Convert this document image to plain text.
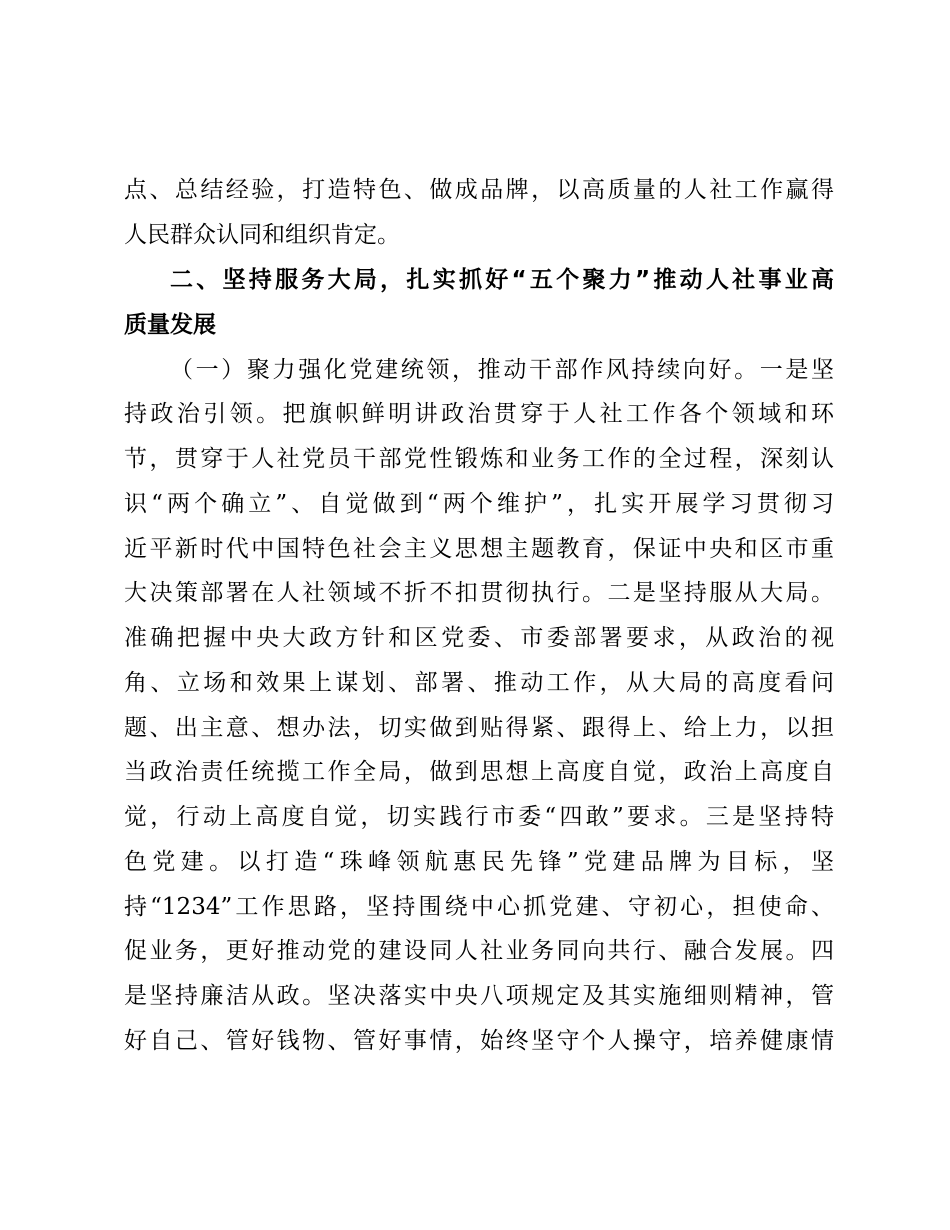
点、总结经验，打造特色、做成品牌，以高质量的人社工作赢得
人民群众认同和组织肯定。
二、坚持服务大局，扎实抓好“五个聚力”推动人社事业高
质量发展
（一）聚力强化党建统领，推动干部作风持续向好。一是坚
持政治引领。把旗帜鲜明讲政治贯穿于人社工作各个领域和环
节，贯穿于人社党员干部党性锻炼和业务工作的全过程，深刻认
识“两个确立”、自觉做到“两个维护”，扎实开展学习贯彻习
近平新时代中国特色社会主义思想主题教育，保证中央和区市重
大决策部署在人社领域不折不扣贯彻执行。二是坚持服从大局。
准确把握中央大政方针和区党委、市委部署要求，从政治的视
角、立场和效果上谋划、部署、推动工作，从大局的高度看问
题、出主意、想办法，切实做到贴得紧、跟得上、给上力，以担
当政治责任统揽工作全局，做到思想上高度自觉，政治上高度自
觉，行动上高度自觉，切实践行市委“四敢”要求。三是坚持特
色党建。以打造“珠峰领航惠民先锋”党建品牌为目标，坚
持“1234”工作思路，坚持围绕中心抓党建、守初心，担使命、
促业务，更好推动党的建设同人社业务同向共行、融合发展。四
是坚持廉洁从政。坚决落实中央八项规定及其实施细则精神，管
好自己、管好钱物、管好事情，始终坚守个人操守，培养健康情
